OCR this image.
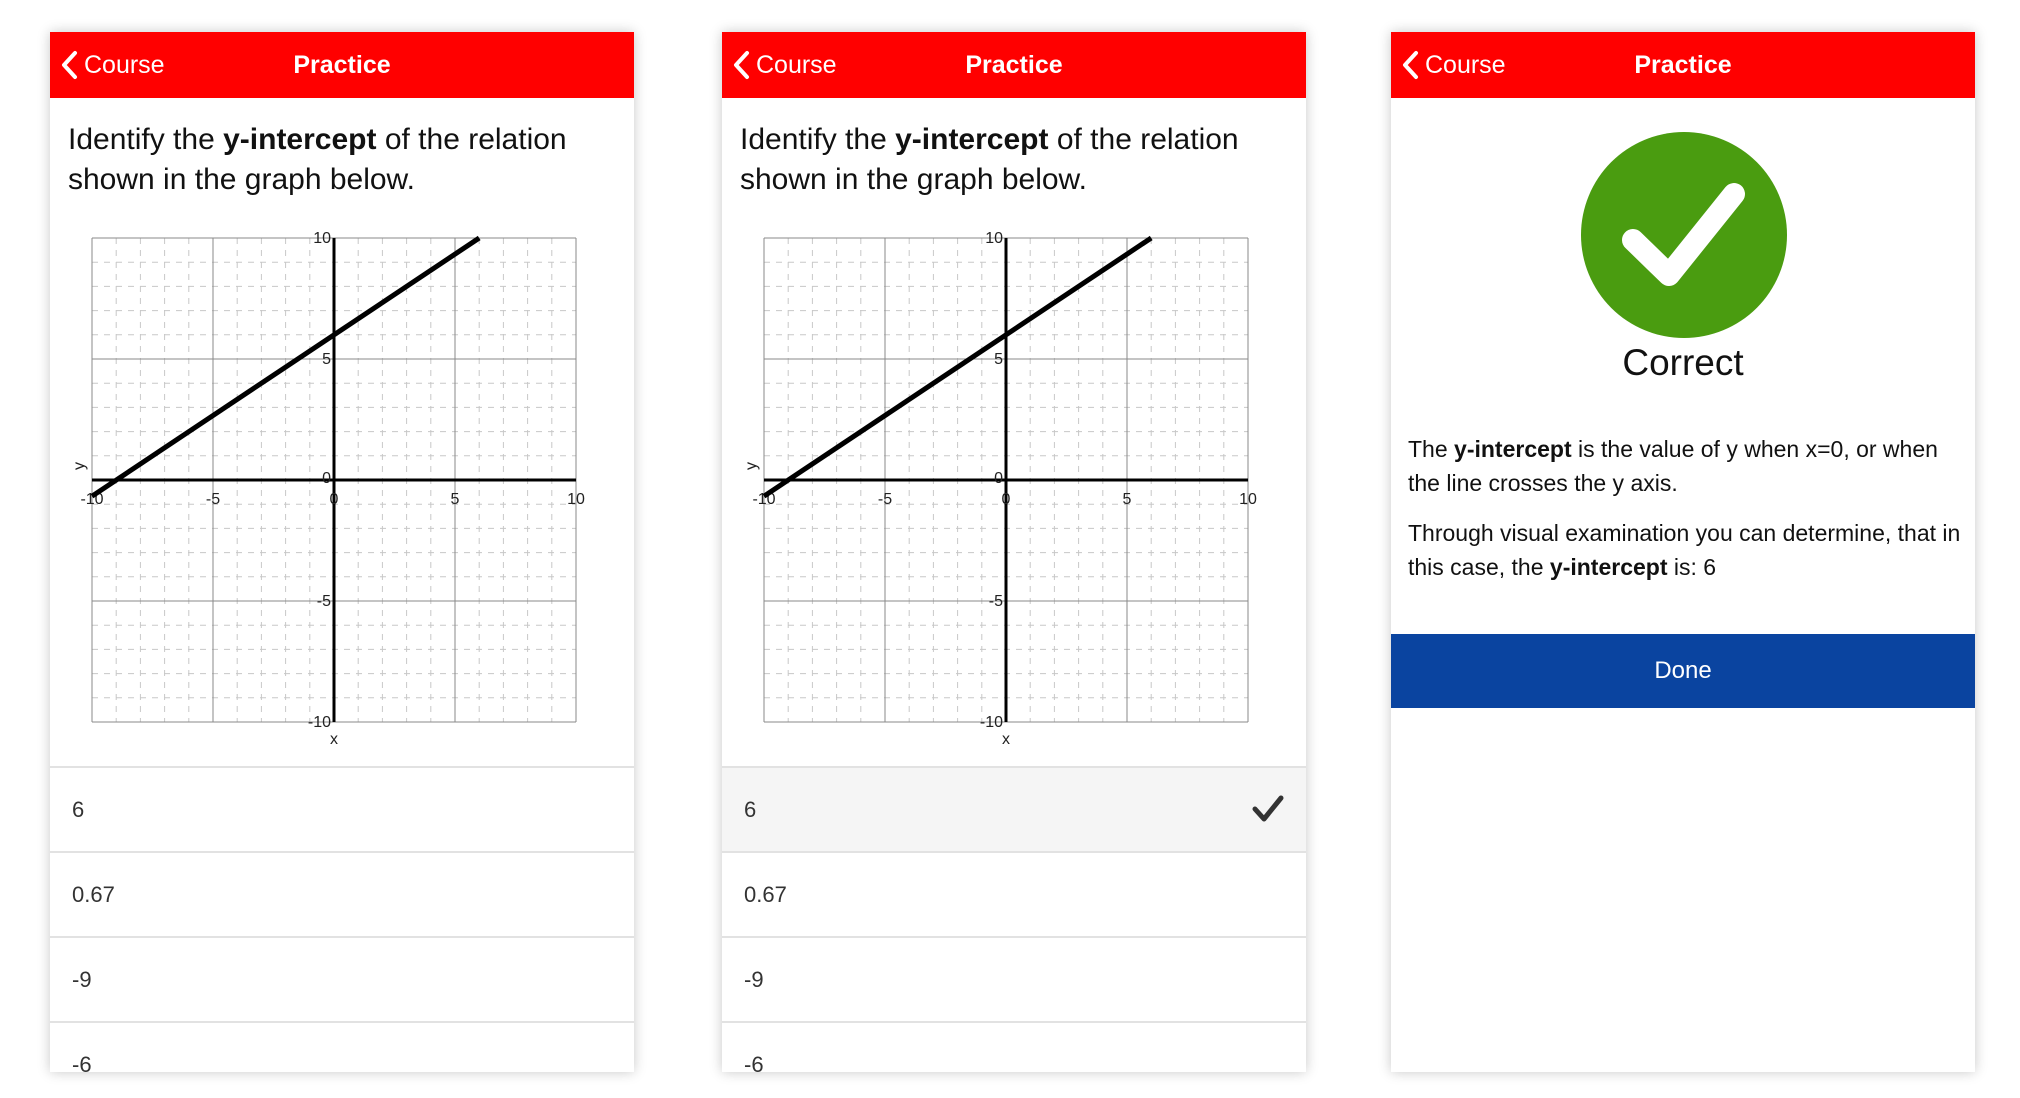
Course	Practice
Identify the y-intercept of the relation shown in the graph below.
-10	-5	0	5	10
-10
-5
5
10
0
x
y
6
0.67
-9
-6
Course	Practice
Identify the y-intercept of the relation shown in the graph below.
-10	-5	0	5	10
-10
-5
5
10
0
x
y
6
0.67
-9
-6
Course	Practice
Correct
The y-intercept is the value of y when x=0, or when the line crosses the y axis.
Through visual examination you can determine, that in this case, the y-intercept is: 6
Done
